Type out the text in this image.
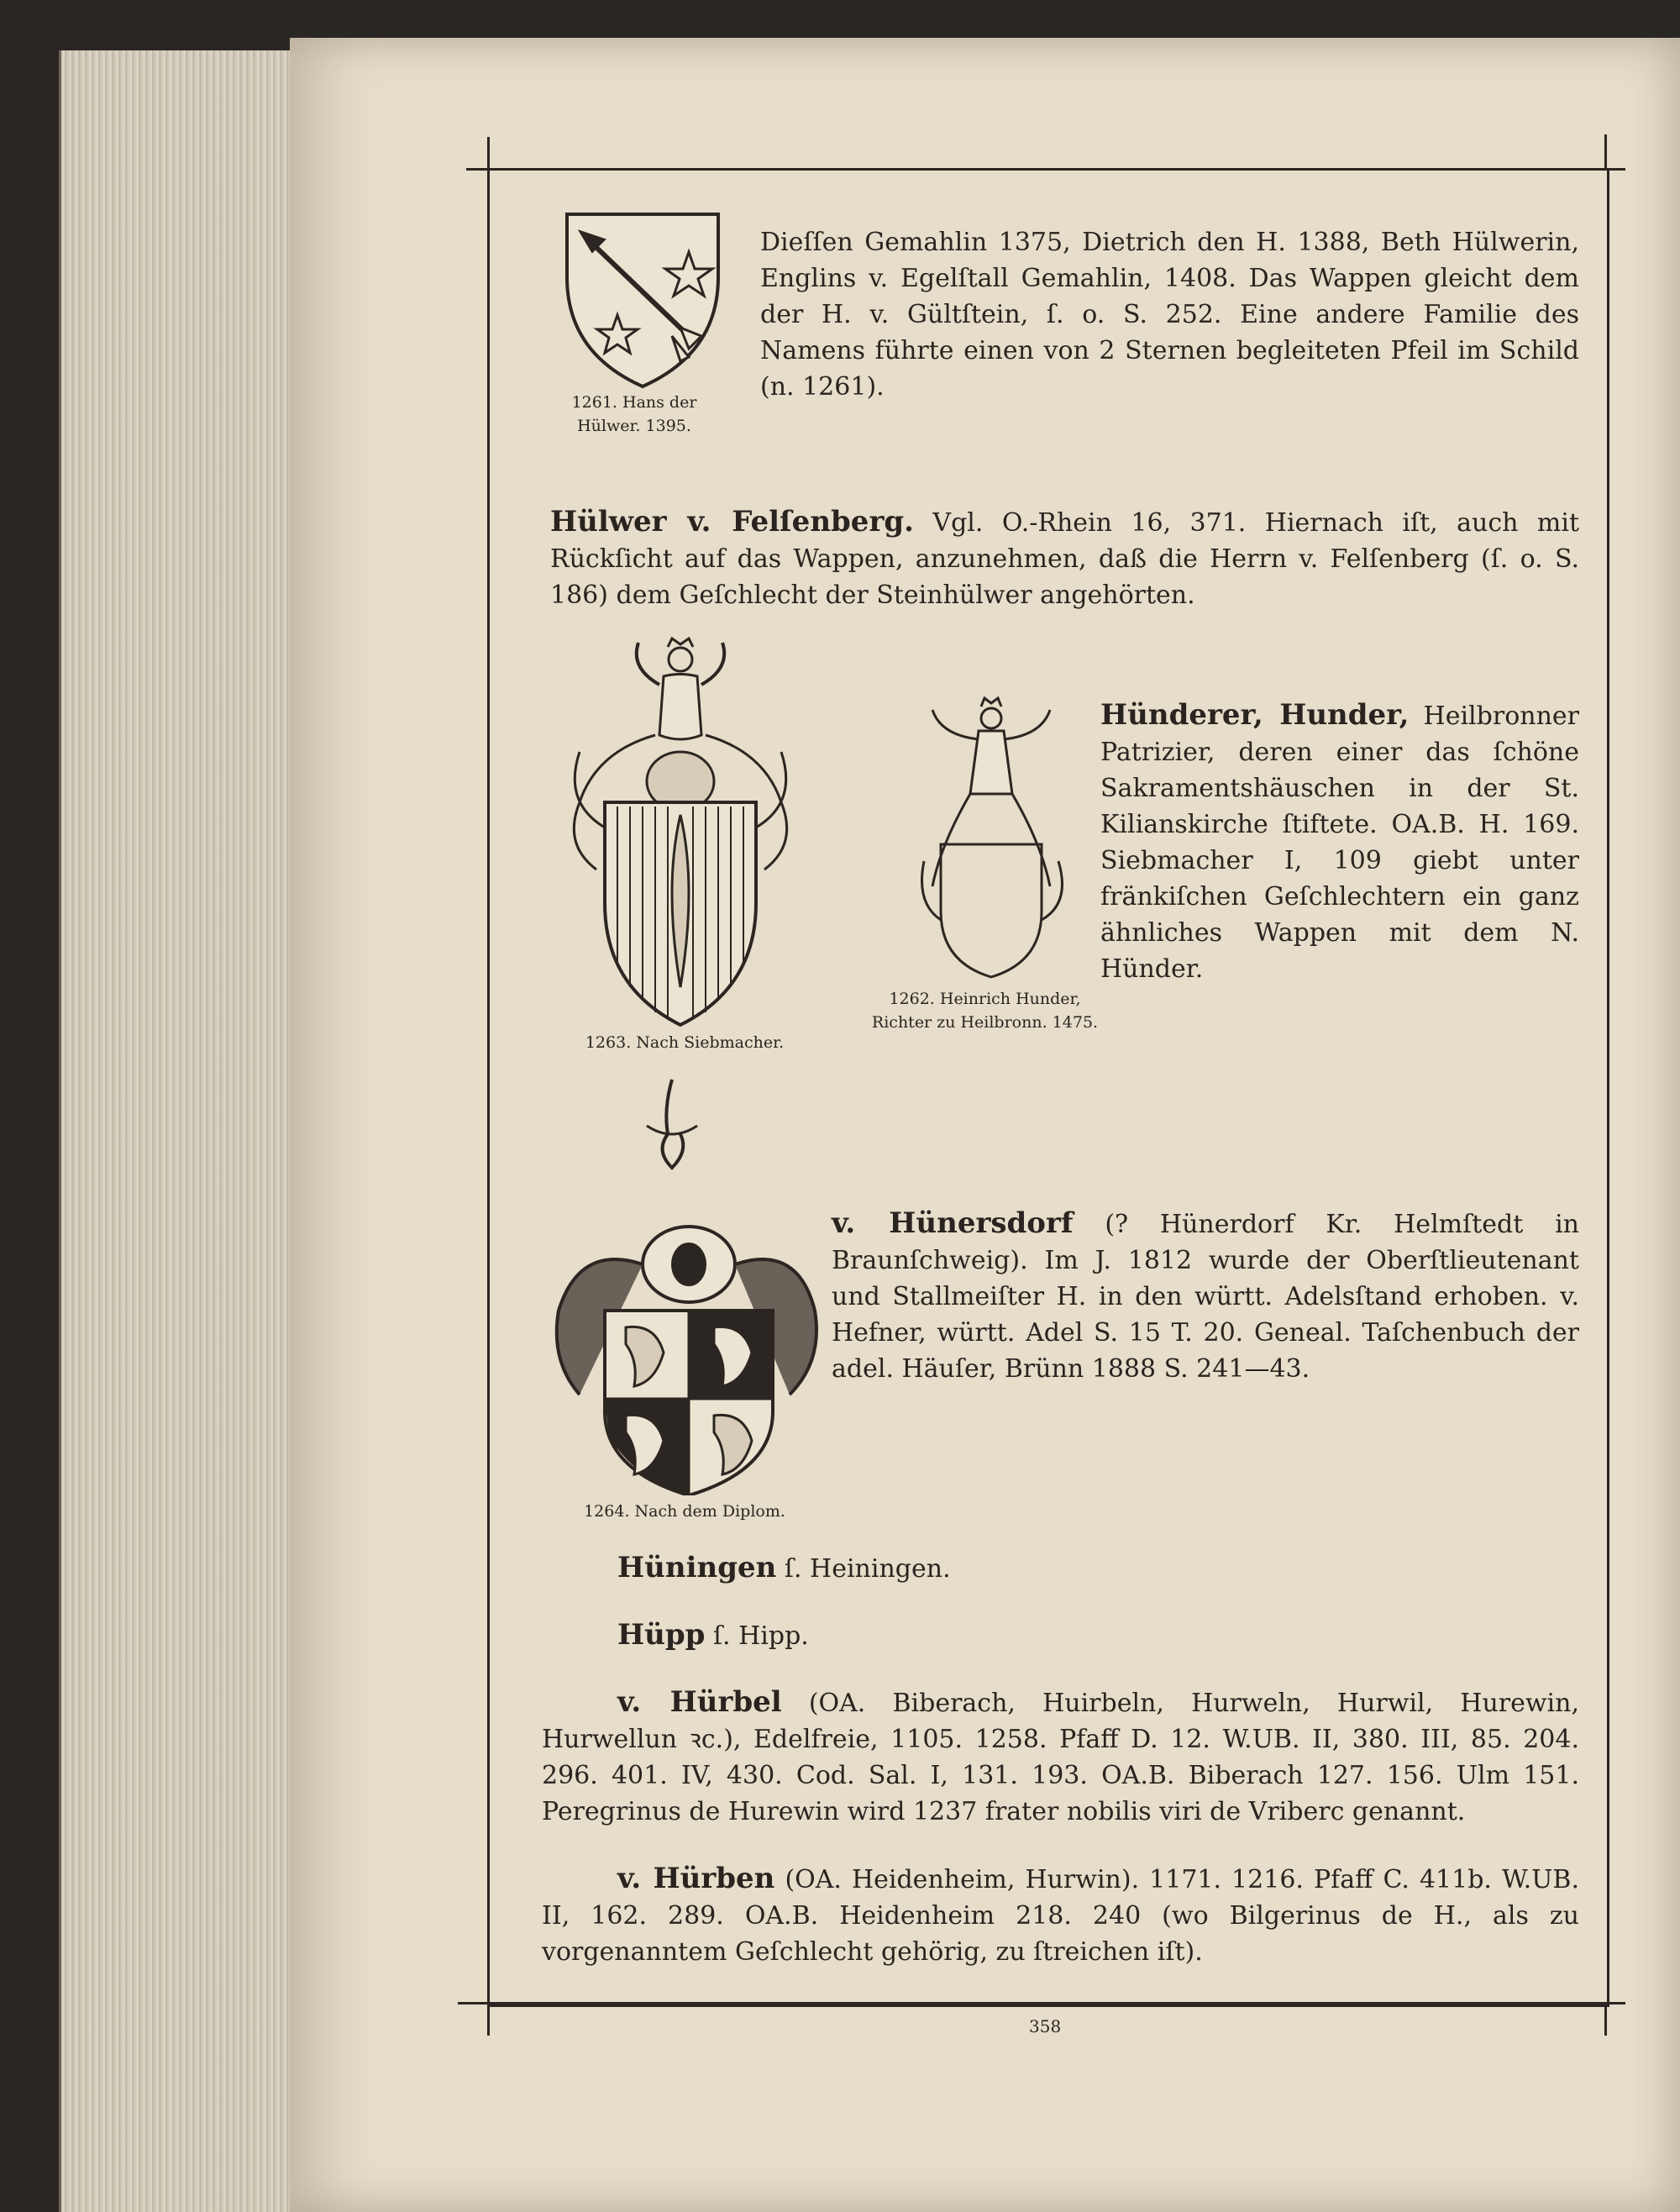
1261. Hans der Hülwer. 1395.
Dieſſen Gemahlin 1375, Dietrich den H. 1388, Beth Hülwerin, Englins v. Egelſtall Gemahlin, 1408. Das Wappen gleicht dem der H. v. Gültſtein, ſ. o. S. 252. Eine andere Familie des Namens führte einen von 2 Sternen begleiteten Pfeil im Schild (n. 1261).
Hülwer v. Felſenberg. Vgl. O.-Rhein 16, 371. Hiernach iſt, auch mit Rückſicht auf das Wappen, anzunehmen, daß die Herrn v. Felſenberg (ſ. o. S. 186) dem Geſchlecht der Steinhülwer angehörten.
1263. Nach Siebmacher.
1262. Heinrich Hunder, Richter zu Heilbronn. 1475.
Hünderer, Hunder, Heilbronner Patrizier, deren einer das ſchöne Sakramentshäuschen in der St. Kilianskirche ſtiftete. OA.B. H. 169. Siebmacher I, 109 giebt unter fränkiſchen Geſchlechtern ein ganz ähnliches Wappen mit dem N. Hünder.
1264. Nach dem Diplom.
v. Hünersdorf (? Hünerdorf Kr. Helmſtedt in Braunſchweig). Im J. 1812 wurde der Oberſtlieutenant und Stallmeiſter H. in den württ. Adelsſtand erhoben. v. Hefner, württ. Adel S. 15 T. 20. Geneal. Taſchenbuch der adel. Häuſer, Brünn 1888 S. 241—43.
Hüningen ſ. Heiningen.
Hüpp ſ. Hipp.
v. Hürbel (OA. Biberach, Huirbeln, Hurweln, Hurwil, Hurewin, Hurwellun ꝛc.), Edelfreie, 1105. 1258. Pfaff D. 12. W.UB. II, 380. III, 85. 204. 296. 401. IV, 430. Cod. Sal. I, 131. 193. OA.B. Biberach 127. 156. Ulm 151. Peregrinus de Hurewin wird 1237 frater nobilis viri de Vriberc genannt.
v. Hürben (OA. Heidenheim, Hurwin). 1171. 1216. Pfaff C. 411b. W.UB. II, 162. 289. OA.B. Heidenheim 218. 240 (wo Bilgerinus de H., als zu vorgenanntem Geſchlecht gehörig, zu ſtreichen iſt).
358
